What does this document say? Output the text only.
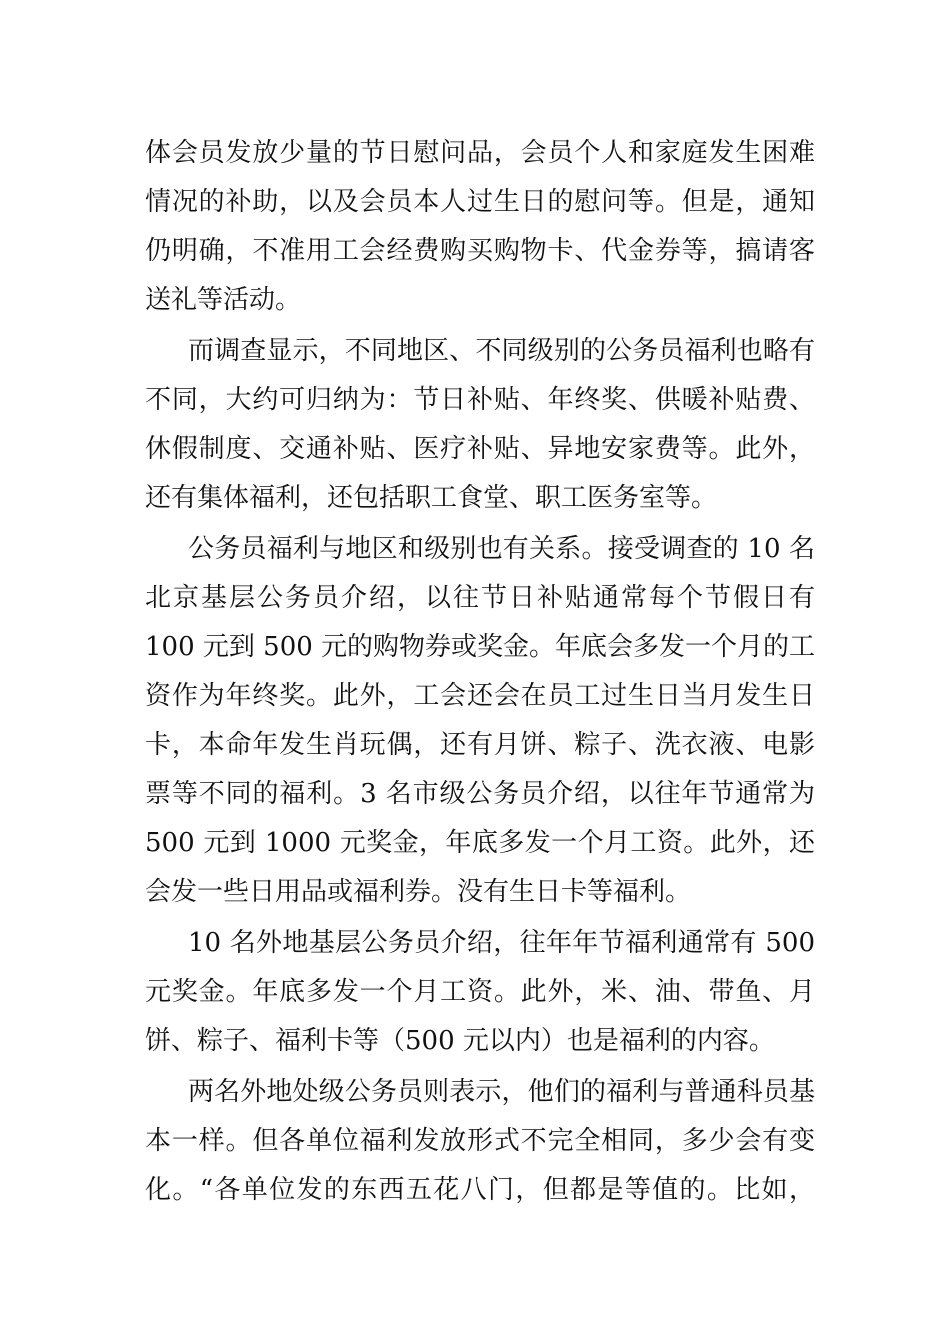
体会员发放少量的节日慰问品，会员个人和家庭发生困难
情况的补助，以及会员本人过生日的慰问等。但是，通知
仍明确，不准用工会经费购买购物卡、代金券等，搞请客
送礼等活动。
而调查显示，不同地区、不同级别的公务员福利也略有
不同，大约可归纳为：节日补贴、年终奖、供暖补贴费、
休假制度、交通补贴、医疗补贴、异地安家费等。此外，
还有集体福利，还包括职工食堂、职工医务室等。
公务员福利与地区和级别也有关系。接受调查的 10 名
北京基层公务员介绍，以往节日补贴通常每个节假日有
100 元到 500 元的购物券或奖金。年底会多发一个月的工
资作为年终奖。此外，工会还会在员工过生日当月发生日
卡，本命年发生肖玩偶，还有月饼、粽子、洗衣液、电影
票等不同的福利。3 名市级公务员介绍，以往年节通常为
500 元到 1000 元奖金，年底多发一个月工资。此外，还
会发一些日用品或福利券。没有生日卡等福利。
10 名外地基层公务员介绍，往年年节福利通常有 500
元奖金。年底多发一个月工资。此外，米、油、带鱼、月
饼、粽子、福利卡等（500 元以内）也是福利的内容。
两名外地处级公务员则表示，他们的福利与普通科员基
本一样。但各单位福利发放形式不完全相同，多少会有变
化。“各单位发的东西五花八门，但都是等值的。比如，
